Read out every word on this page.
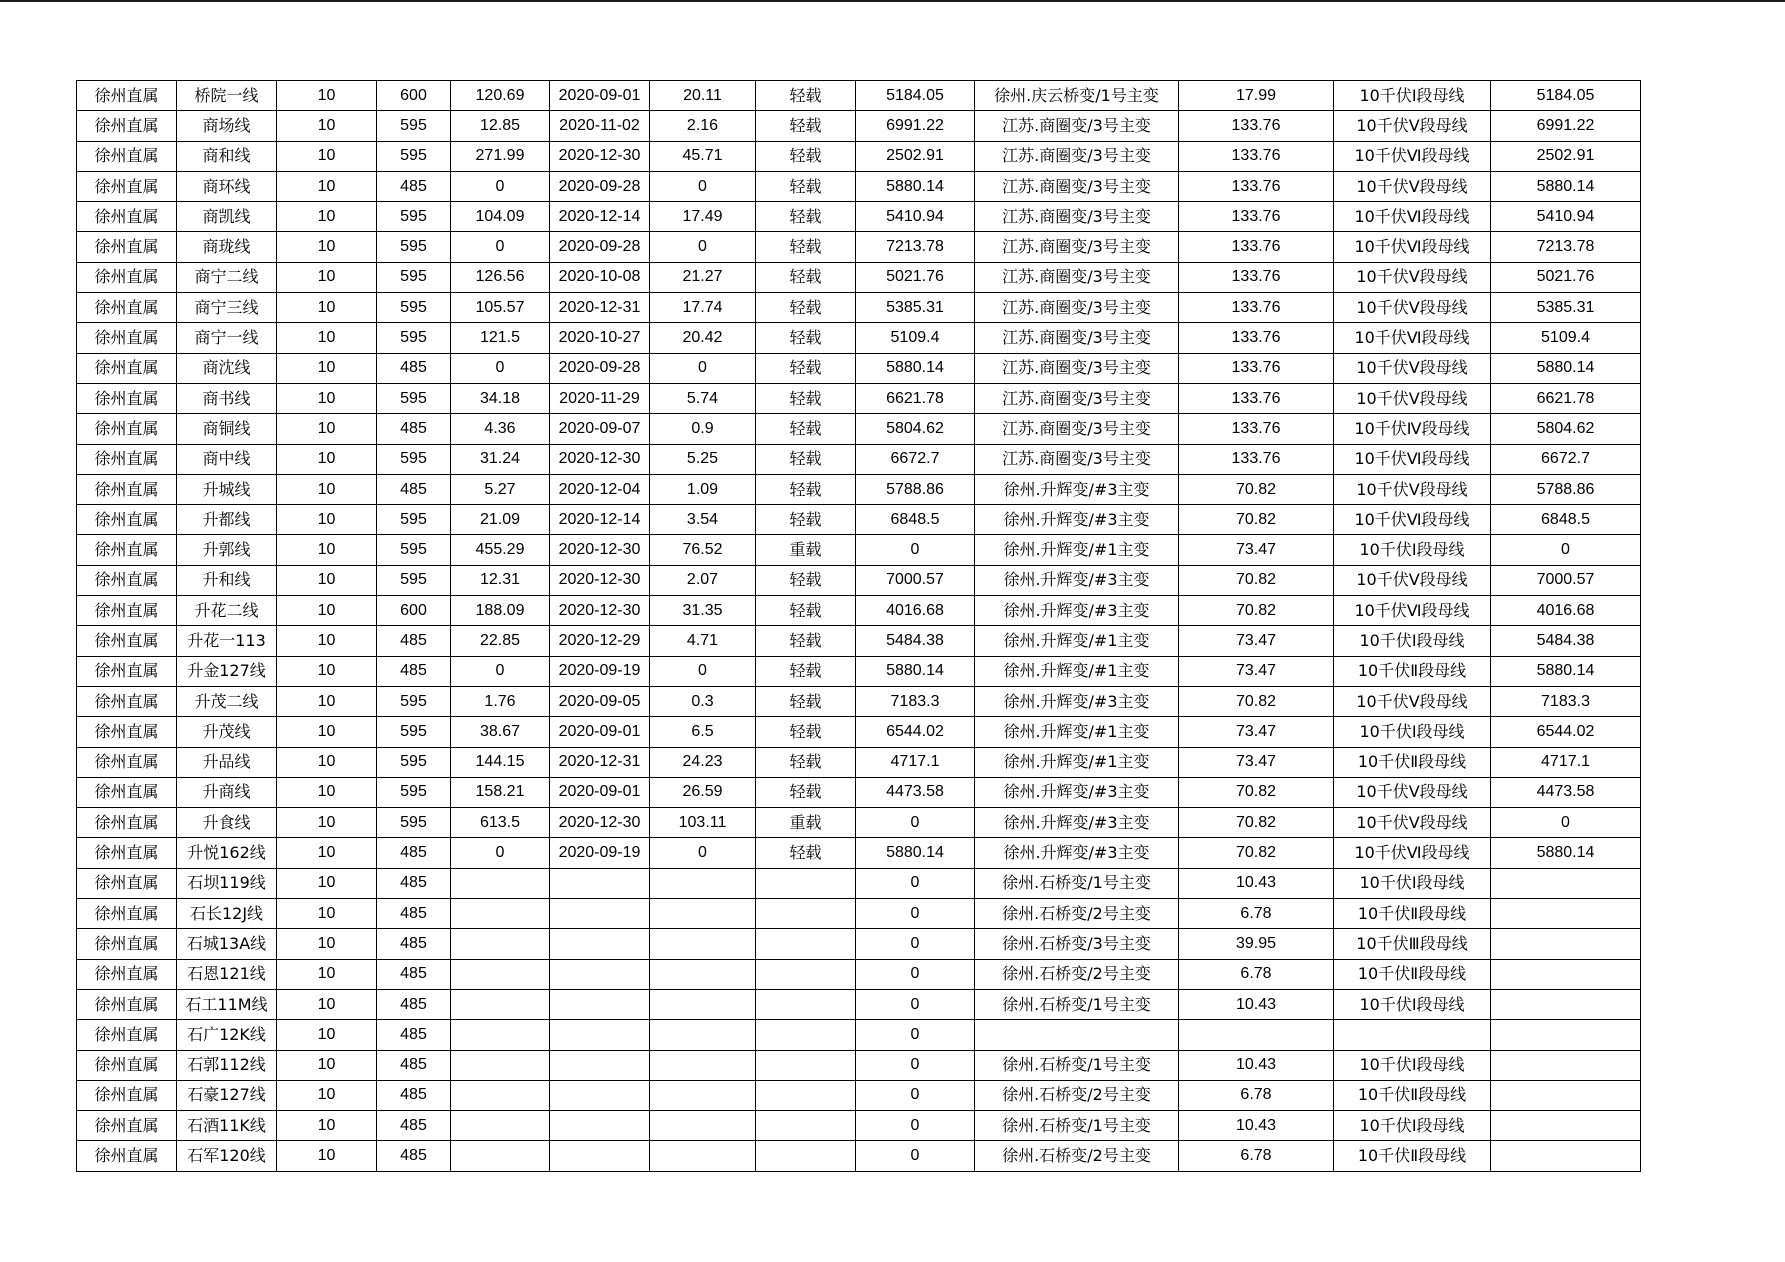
徐州直属	桥院一线	10	600	120.69	2020-09-01	20.11	轻载	5184.05	徐州.庆云桥变/1号主变	17.99	10千伏Ⅰ段母线	5184.05
徐州直属	商场线	10	595	12.85	2020-11-02	2.16	轻载	6991.22	江苏.商圈变/3号主变	133.76	10千伏Ⅴ段母线	6991.22
徐州直属	商和线	10	595	271.99	2020-12-30	45.71	轻载	2502.91	江苏.商圈变/3号主变	133.76	10千伏Ⅵ段母线	2502.91
徐州直属	商环线	10	485	0	2020-09-28	0	轻载	5880.14	江苏.商圈变/3号主变	133.76	10千伏Ⅴ段母线	5880.14
徐州直属	商凯线	10	595	104.09	2020-12-14	17.49	轻载	5410.94	江苏.商圈变/3号主变	133.76	10千伏Ⅵ段母线	5410.94
徐州直属	商珑线	10	595	0	2020-09-28	0	轻载	7213.78	江苏.商圈变/3号主变	133.76	10千伏Ⅵ段母线	7213.78
徐州直属	商宁二线	10	595	126.56	2020-10-08	21.27	轻载	5021.76	江苏.商圈变/3号主变	133.76	10千伏Ⅴ段母线	5021.76
徐州直属	商宁三线	10	595	105.57	2020-12-31	17.74	轻载	5385.31	江苏.商圈变/3号主变	133.76	10千伏Ⅴ段母线	5385.31
徐州直属	商宁一线	10	595	121.5	2020-10-27	20.42	轻载	5109.4	江苏.商圈变/3号主变	133.76	10千伏Ⅵ段母线	5109.4
徐州直属	商沈线	10	485	0	2020-09-28	0	轻载	5880.14	江苏.商圈变/3号主变	133.76	10千伏Ⅴ段母线	5880.14
徐州直属	商书线	10	595	34.18	2020-11-29	5.74	轻载	6621.78	江苏.商圈变/3号主变	133.76	10千伏Ⅴ段母线	6621.78
徐州直属	商铜线	10	485	4.36	2020-09-07	0.9	轻载	5804.62	江苏.商圈变/3号主变	133.76	10千伏Ⅳ段母线	5804.62
徐州直属	商中线	10	595	31.24	2020-12-30	5.25	轻载	6672.7	江苏.商圈变/3号主变	133.76	10千伏Ⅵ段母线	6672.7
徐州直属	升城线	10	485	5.27	2020-12-04	1.09	轻载	5788.86	徐州.升辉变/#3主变	70.82	10千伏Ⅴ段母线	5788.86
徐州直属	升都线	10	595	21.09	2020-12-14	3.54	轻载	6848.5	徐州.升辉变/#3主变	70.82	10千伏Ⅵ段母线	6848.5
徐州直属	升郭线	10	595	455.29	2020-12-30	76.52	重载	0	徐州.升辉变/#1主变	73.47	10千伏Ⅰ段母线	0
徐州直属	升和线	10	595	12.31	2020-12-30	2.07	轻载	7000.57	徐州.升辉变/#3主变	70.82	10千伏Ⅴ段母线	7000.57
徐州直属	升花二线	10	600	188.09	2020-12-30	31.35	轻载	4016.68	徐州.升辉变/#3主变	70.82	10千伏Ⅵ段母线	4016.68
徐州直属	升花一113	10	485	22.85	2020-12-29	4.71	轻载	5484.38	徐州.升辉变/#1主变	73.47	10千伏Ⅰ段母线	5484.38
徐州直属	升金127线	10	485	0	2020-09-19	0	轻载	5880.14	徐州.升辉变/#1主变	73.47	10千伏Ⅱ段母线	5880.14
徐州直属	升茂二线	10	595	1.76	2020-09-05	0.3	轻载	7183.3	徐州.升辉变/#3主变	70.82	10千伏Ⅴ段母线	7183.3
徐州直属	升茂线	10	595	38.67	2020-09-01	6.5	轻载	6544.02	徐州.升辉变/#1主变	73.47	10千伏Ⅰ段母线	6544.02
徐州直属	升品线	10	595	144.15	2020-12-31	24.23	轻载	4717.1	徐州.升辉变/#1主变	73.47	10千伏Ⅱ段母线	4717.1
徐州直属	升商线	10	595	158.21	2020-09-01	26.59	轻载	4473.58	徐州.升辉变/#3主变	70.82	10千伏Ⅴ段母线	4473.58
徐州直属	升食线	10	595	613.5	2020-12-30	103.11	重载	0	徐州.升辉变/#3主变	70.82	10千伏Ⅴ段母线	0
徐州直属	升悦162线	10	485	0	2020-09-19	0	轻载	5880.14	徐州.升辉变/#3主变	70.82	10千伏Ⅵ段母线	5880.14
徐州直属	石坝119线	10	485					0	徐州.石桥变/1号主变	10.43	10千伏Ⅰ段母线	
徐州直属	石长12J线	10	485					0	徐州.石桥变/2号主变	6.78	10千伏Ⅱ段母线	
徐州直属	石城13A线	10	485					0	徐州.石桥变/3号主变	39.95	10千伏Ⅲ段母线	
徐州直属	石恩121线	10	485					0	徐州.石桥变/2号主变	6.78	10千伏Ⅱ段母线	
徐州直属	石工11M线	10	485					0	徐州.石桥变/1号主变	10.43	10千伏Ⅰ段母线	
徐州直属	石广12K线	10	485					0				
徐州直属	石郭112线	10	485					0	徐州.石桥变/1号主变	10.43	10千伏Ⅰ段母线	
徐州直属	石豪127线	10	485					0	徐州.石桥变/2号主变	6.78	10千伏Ⅱ段母线	
徐州直属	石酒11K线	10	485					0	徐州.石桥变/1号主变	10.43	10千伏Ⅰ段母线	
徐州直属	石军120线	10	485					0	徐州.石桥变/2号主变	6.78	10千伏Ⅱ段母线	
